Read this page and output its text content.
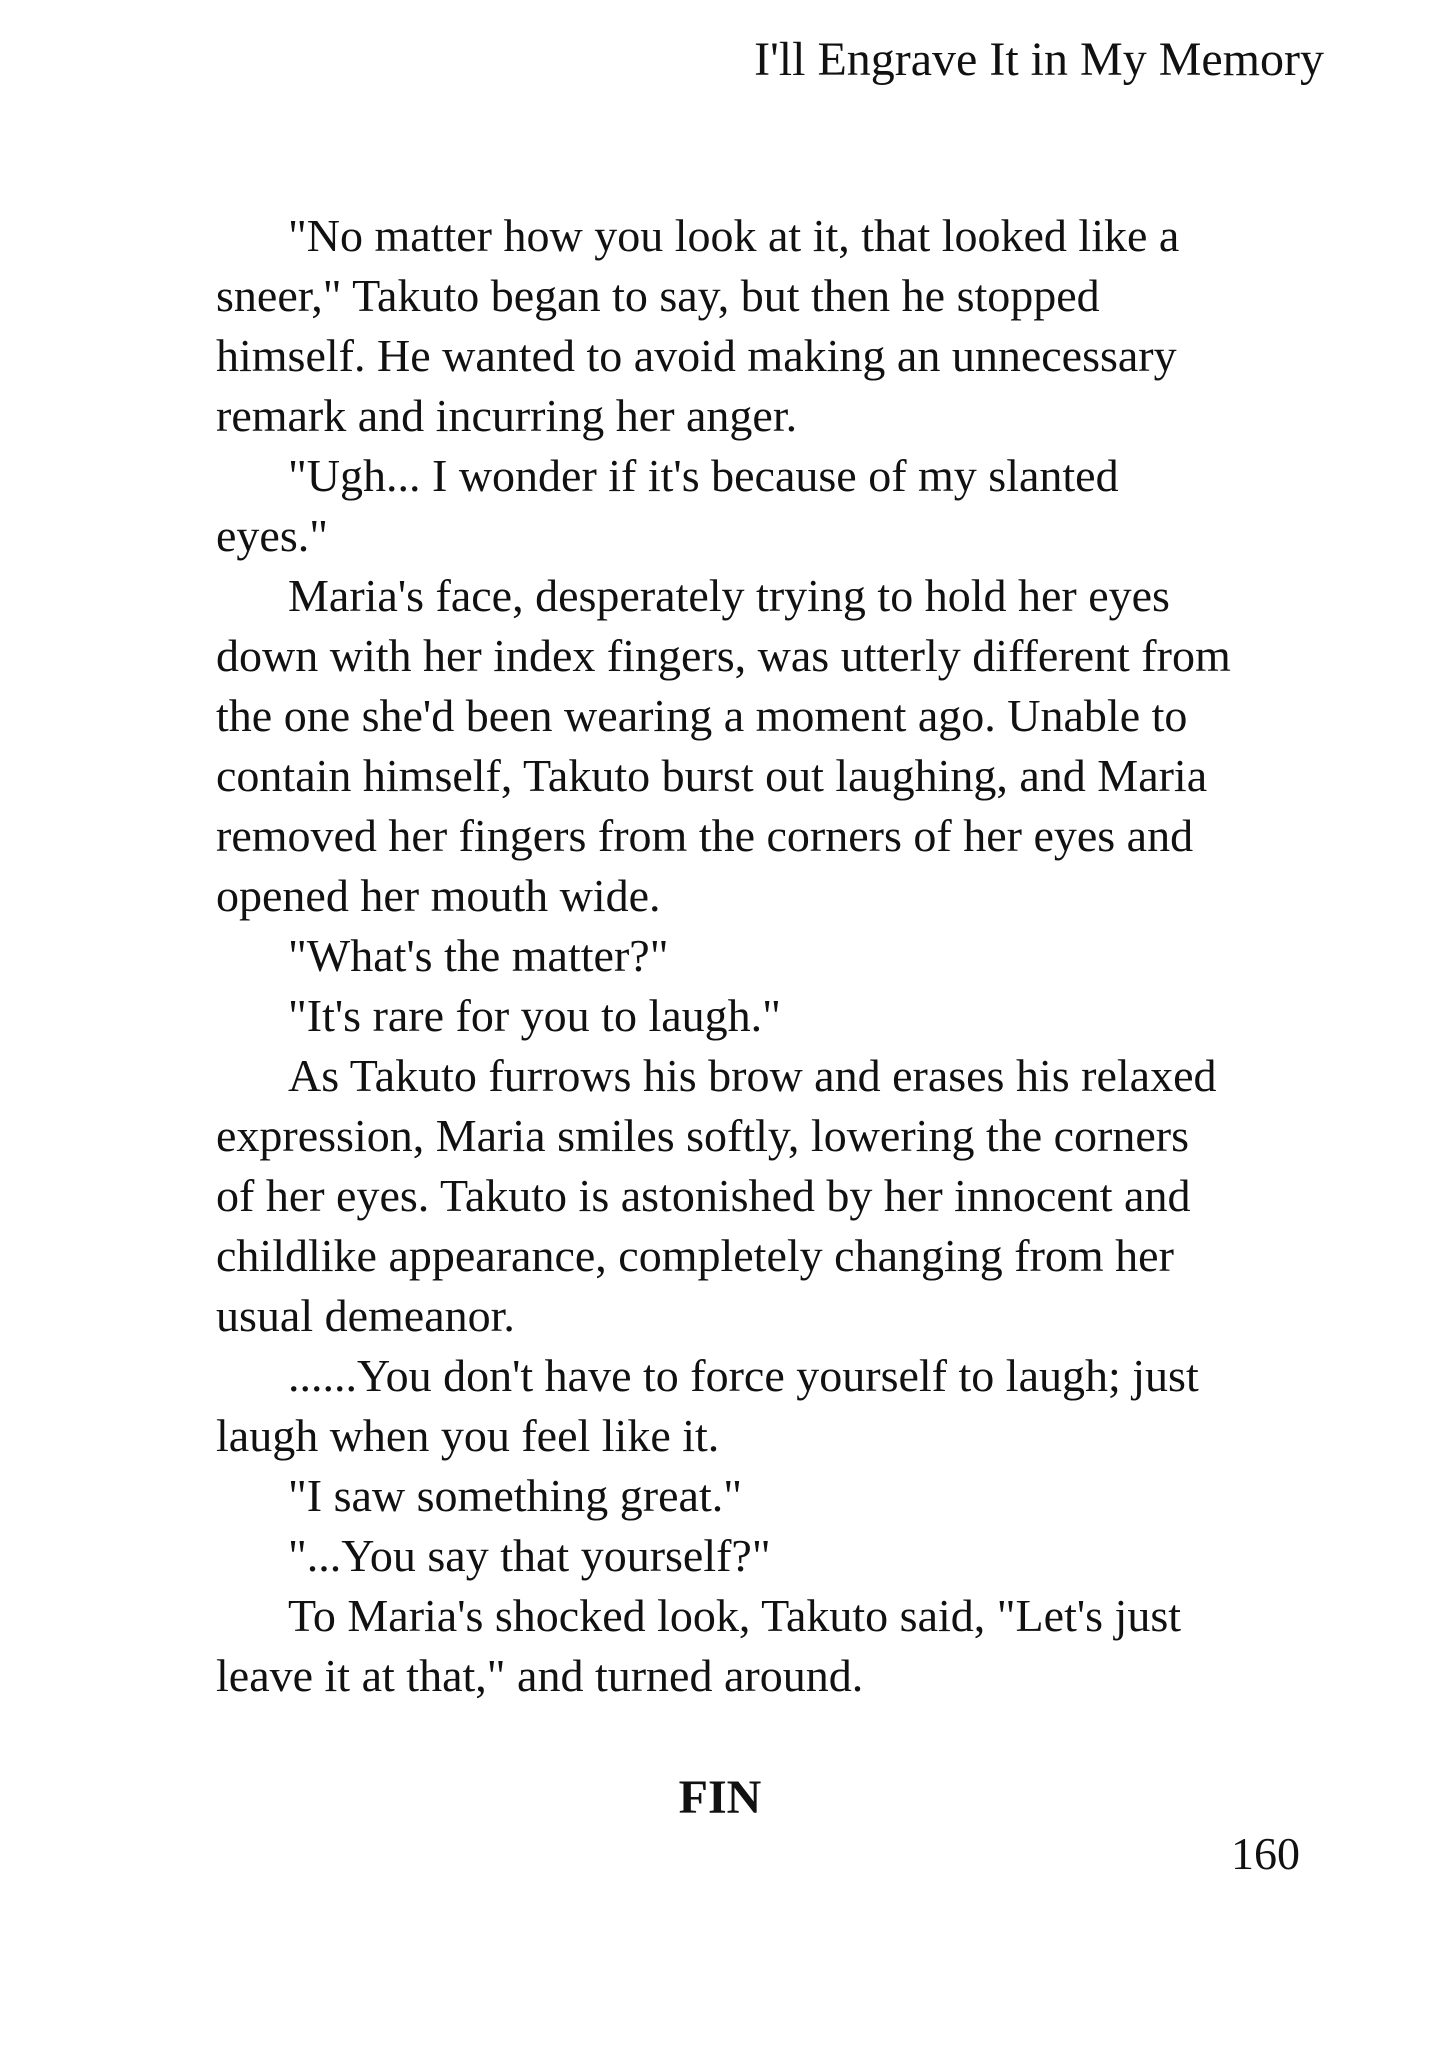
I'll Engrave It in My Memory

"No matter how you look at it, that looked like a sneer," Takuto began to say, but then he stopped himself. He wanted to avoid making an unnecessary remark and incurring her anger.

"Ugh... I wonder if it's because of my slanted eyes."

Maria's face, desperately trying to hold her eyes down with her index fingers, was utterly different from the one she'd been wearing a moment ago. Unable to contain himself, Takuto burst out laughing, and Maria removed her fingers from the corners of her eyes and opened her mouth wide.

"What's the matter?"

"It's rare for you to laugh."

As Takuto furrows his brow and erases his relaxed expression, Maria smiles softly, lowering the corners of her eyes. Takuto is astonished by her innocent and childlike appearance, completely changing from her usual demeanor.

......You don't have to force yourself to laugh; just laugh when you feel like it.

"I saw something great."

"...You say that yourself?"

To Maria's shocked look, Takuto said, "Let's just leave it at that," and turned around.

FIN
160
